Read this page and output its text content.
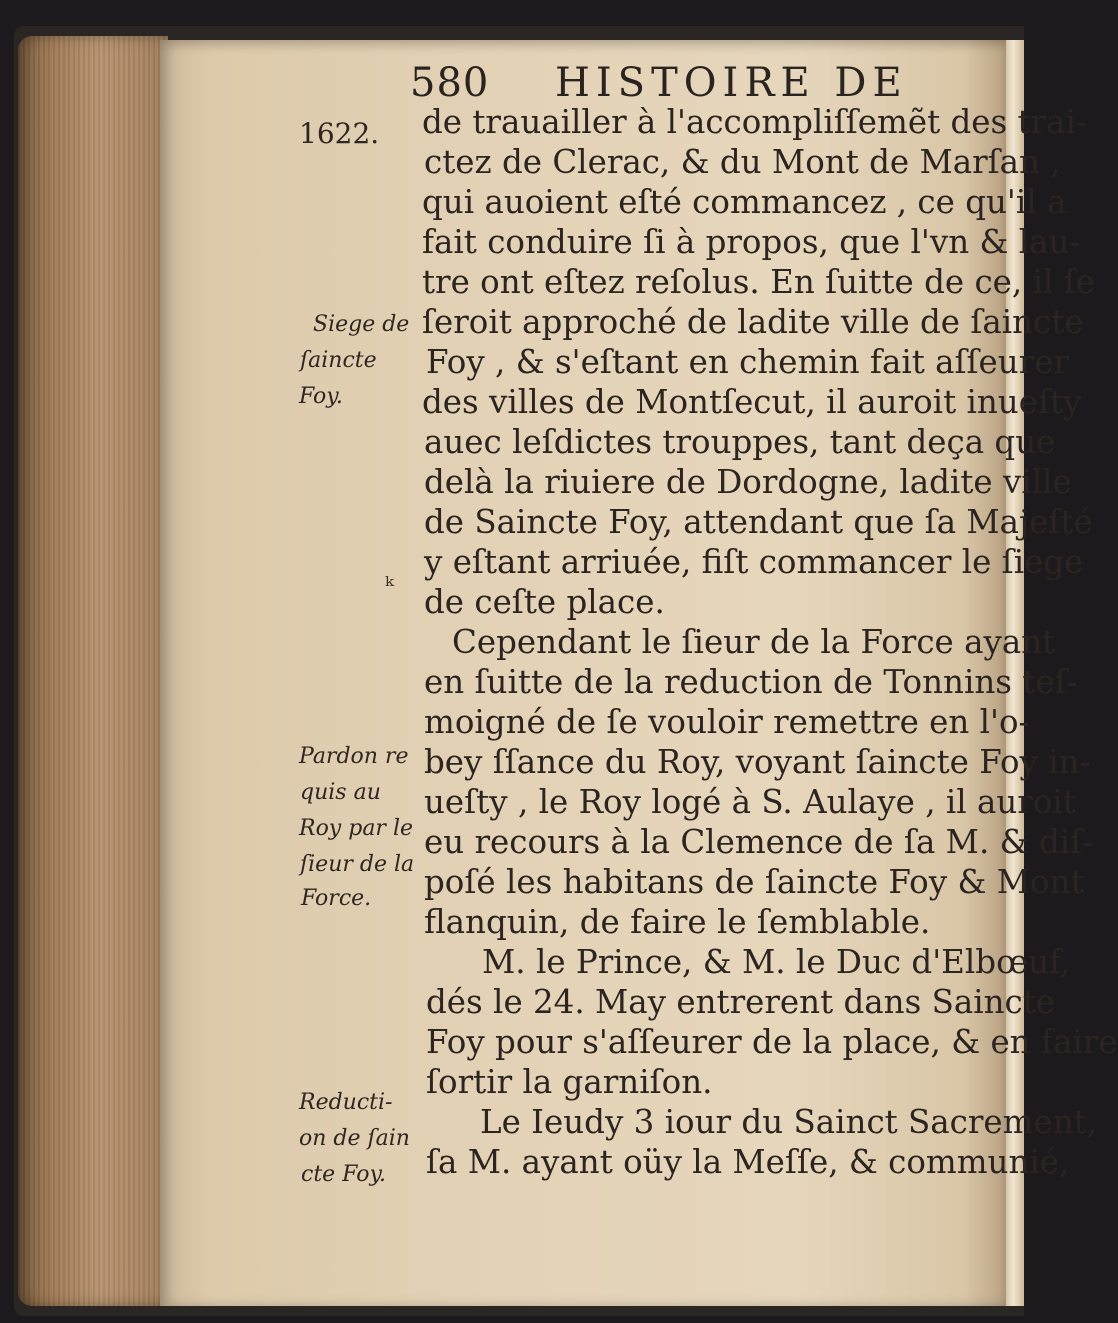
580 HISTOIRE DE
1622. de trauailler à l'accompliſſemẽt des trai-
ctez de Clerac, & du Mont de Marſan ,
qui auoient eſté commancez , ce qu'il a
fait conduire ſi à propos, que l'vn & lau-
tre ont eſtez reſolus. En ſuitte de ce, il ſe
ſeroit approché de ladite ville de ſaincte
Foy , & s'eſtant en chemin fait aſſeurer
des villes de Montſecut, il auroit inueſty
auec leſdictes trouppes, tant deça que
delà la riuiere de Dordogne, ladite ville
de Saincte Foy, attendant que ſa Majeſté
y eſtant arriuée, fiſt commancer le ſiege
de ceſte place.
Cependant le ſieur de la Force ayant
en ſuitte de la reduction de Tonnins teſ-
moigné de ſe vouloir remettre en l'o-
bey ſſance du Roy, voyant ſaincte Foy in-
ueſty , le Roy logé à S. Aulaye , il auroit
eu recours à la Clemence de ſa M. & diſ-
poſé les habitans de ſaincte Foy & Mont
flanquin, de faire le ſemblable.
M. le Prince, & M. le Duc d'Elbœuf,
dés le 24. May entrerent dans Saincte
Foy pour s'aſſeurer de la place, & en faire
ſortir la garniſon.
Le Ieudy 3 iour du Sainct Sacrement,
ſa M. ayant oüy la Meſſe, & communié,
Siege de
ſaincte
Foy.
Pardon re
quis au
Roy par le
ſieur de la
Force.
Reducti-
on de ſain
cte Foy.
ᵏ
